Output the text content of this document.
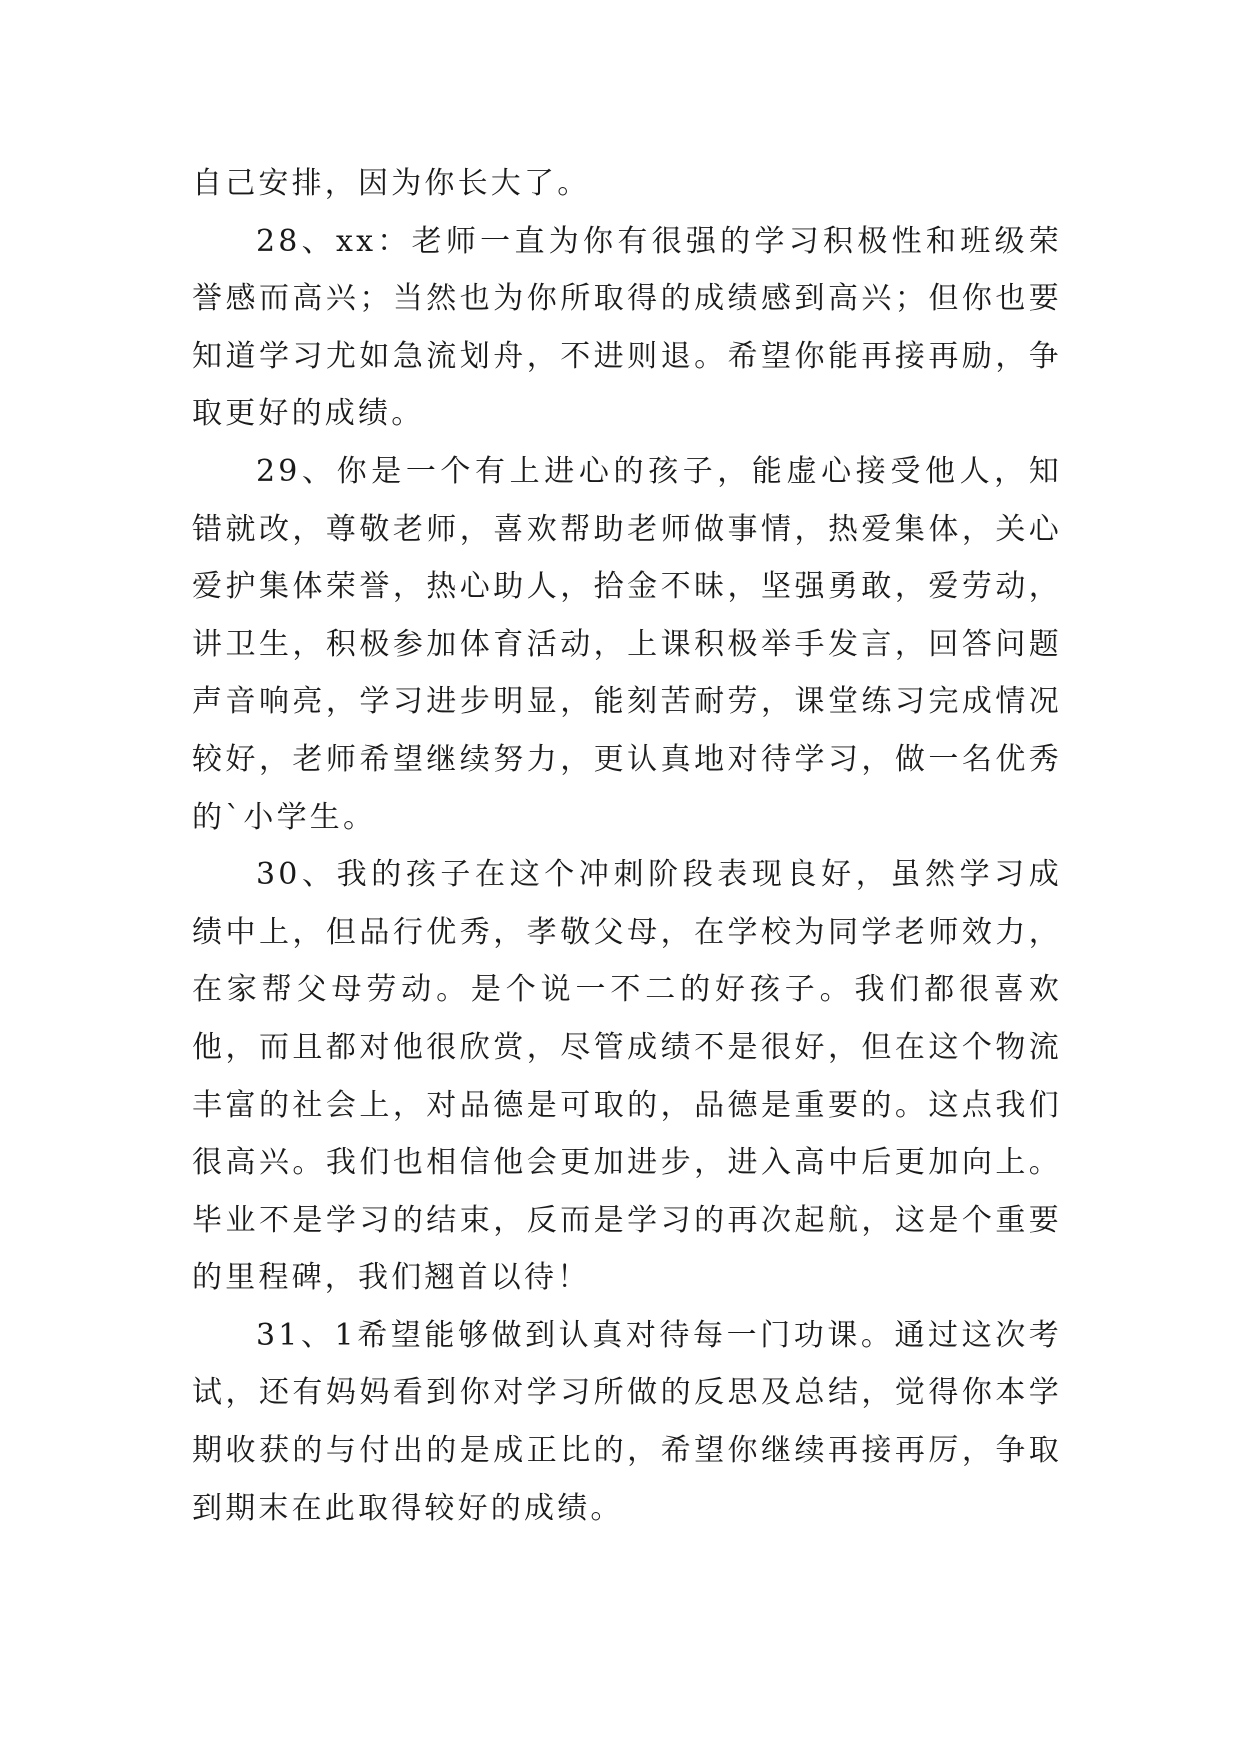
自己安排，因为你长大了。

28、xx：老师一直为你有很强的学习积极性和班级荣誉感而高兴；当然也为你所取得的成绩感到高兴；但你也要知道学习尤如急流划舟，不进则退。希望你能再接再励，争取更好的成绩。

29、你是一个有上进心的孩子，能虚心接受他人，知错就改，尊敬老师，喜欢帮助老师做事情，热爱集体，关心爱护集体荣誉，热心助人，拾金不昧，坚强勇敢，爱劳动，讲卫生，积极参加体育活动，上课积极举手发言，回答问题声音响亮，学习进步明显，能刻苦耐劳，课堂练习完成情况较好，老师希望继续努力，更认真地对待学习，做一名优秀的`小学生。

30、我的孩子在这个冲刺阶段表现良好，虽然学习成绩中上，但品行优秀，孝敬父母，在学校为同学老师效力，在家帮父母劳动。是个说一不二的好孩子。我们都很喜欢他，而且都对他很欣赏，尽管成绩不是很好，但在这个物流丰富的社会上，对品德是可取的，品德是重要的。这点我们很高兴。我们也相信他会更加进步，进入高中后更加向上。毕业不是学习的结束，反而是学习的再次起航，这是个重要的里程碑，我们翘首以待！

31、1希望能够做到认真对待每一门功课。通过这次考试，还有妈妈看到你对学习所做的反思及总结，觉得你本学期收获的与付出的是成正比的，希望你继续再接再厉，争取到期末在此取得较好的成绩。
